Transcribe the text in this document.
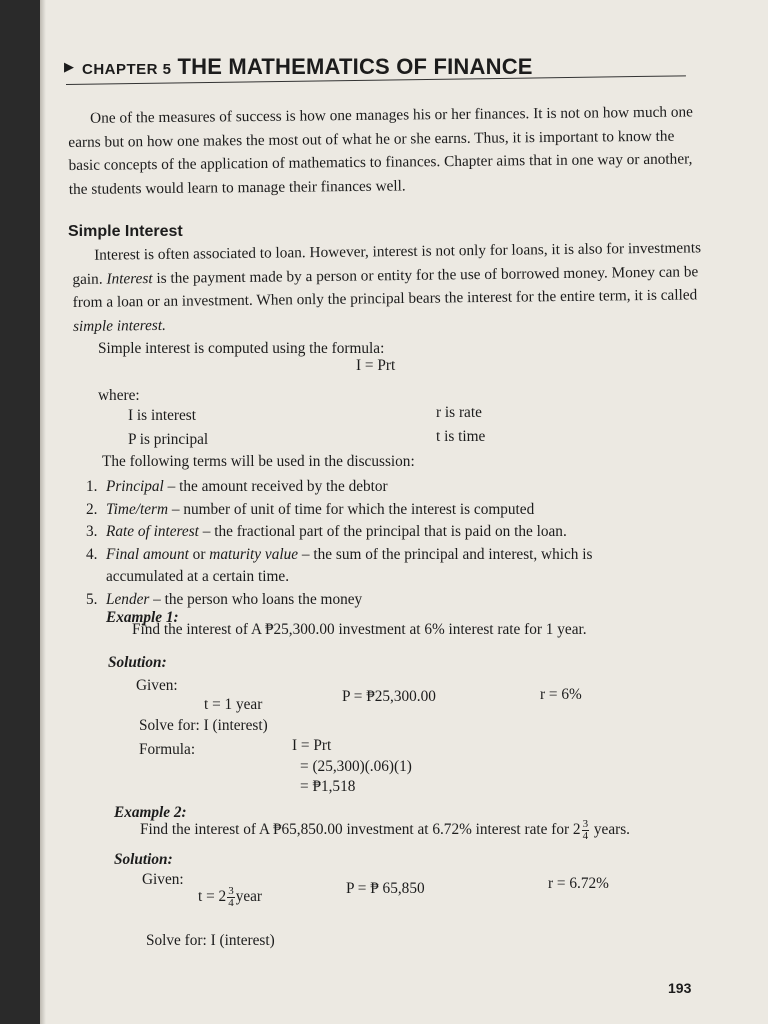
▶ CHAPTER 5 THE MATHEMATICS OF FINANCE
One of the measures of success is how one manages his or her finances. It is not on how much one earns but on how one makes the most out of what he or she earns. Thus, it is important to know the basic concepts of the application of mathematics to finances. Chapter aims that in one way or another, the students would learn to manage their finances well.
Simple Interest
Interest is often associated to loan. However, interest is not only for loans, it is also for investments gain. Interest is the payment made by a person or entity for the use of borrowed money. Money can be from a loan or an investment. When only the principal bears the interest for the entire term, it is called simple interest.
Simple interest is computed using the formula:
I = Prt
where:
I is interest	r is rate
P is principal	t is time
The following terms will be used in the discussion:
1. Principal – the amount received by the debtor
2. Time/term – number of unit of time for which the interest is computed
3. Rate of interest – the fractional part of the principal that is paid on the loan.
4. Final amount or maturity value – the sum of the principal and interest, which is
accumulated at a certain time.
5. Lender – the person who loans the money
Example 1:
Find the interest of A ₱25,300.00 investment at 6% interest rate for 1 year.
Solution:
Given:
t = 1 year	P = ₱25,300.00	r = 6%
Solve for: I (interest)
Formula:	I = Prt
= (25,300)(.06)(1)
= ₱1,518
Example 2:
Find the interest of A ₱65,850.00 investment at 6.72% interest rate for $2 \frac{3}{4}$ years.
Solution:
Given:
$t = 2 \frac{3}{4}$ year	P = ₱ 65,850	r = 6.72%
Solve for: I (interest)
193
